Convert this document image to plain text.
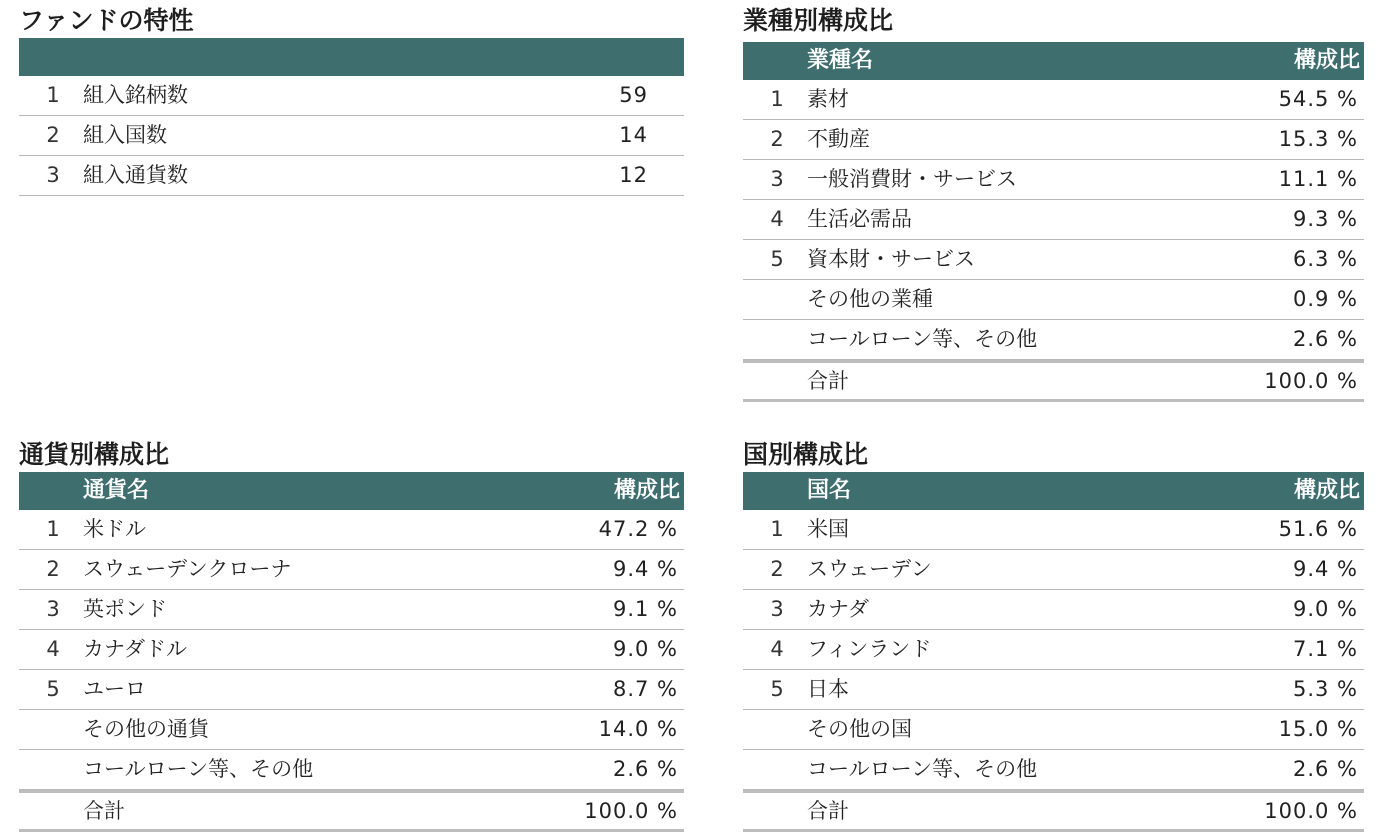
ファンドの特性
1 組入銘柄数	59
2 組入国数	14
3 組入通貨数	12
業種別構成比
業種名	構成比
1 素材	54.5 %
2 不動産	15.3 %
3 一般消費財・サービス	11.1 %
4 生活必需品	9.3 %
5 資本財・サービス	6.3 %
その他の業種	0.9 %
コールローン等、その他	2.6 %
合計	100.0 %
通貨別構成比
通貨名	構成比
1 米ドル	47.2 %
2 スウェーデンクローナ	9.4 %
3 英ポンド	9.1 %
4 カナダドル	9.0 %
5 ユーロ	8.7 %
その他の通貨	14.0 %
コールローン等、その他	2.6 %
合計	100.0 %
国別構成比
国名	構成比
1 米国	51.6 %
2 スウェーデン	9.4 %
3 カナダ	9.0 %
4 フィンランド	7.1 %
5 日本	5.3 %
その他の国	15.0 %
コールローン等、その他	2.6 %
合計	100.0 %
